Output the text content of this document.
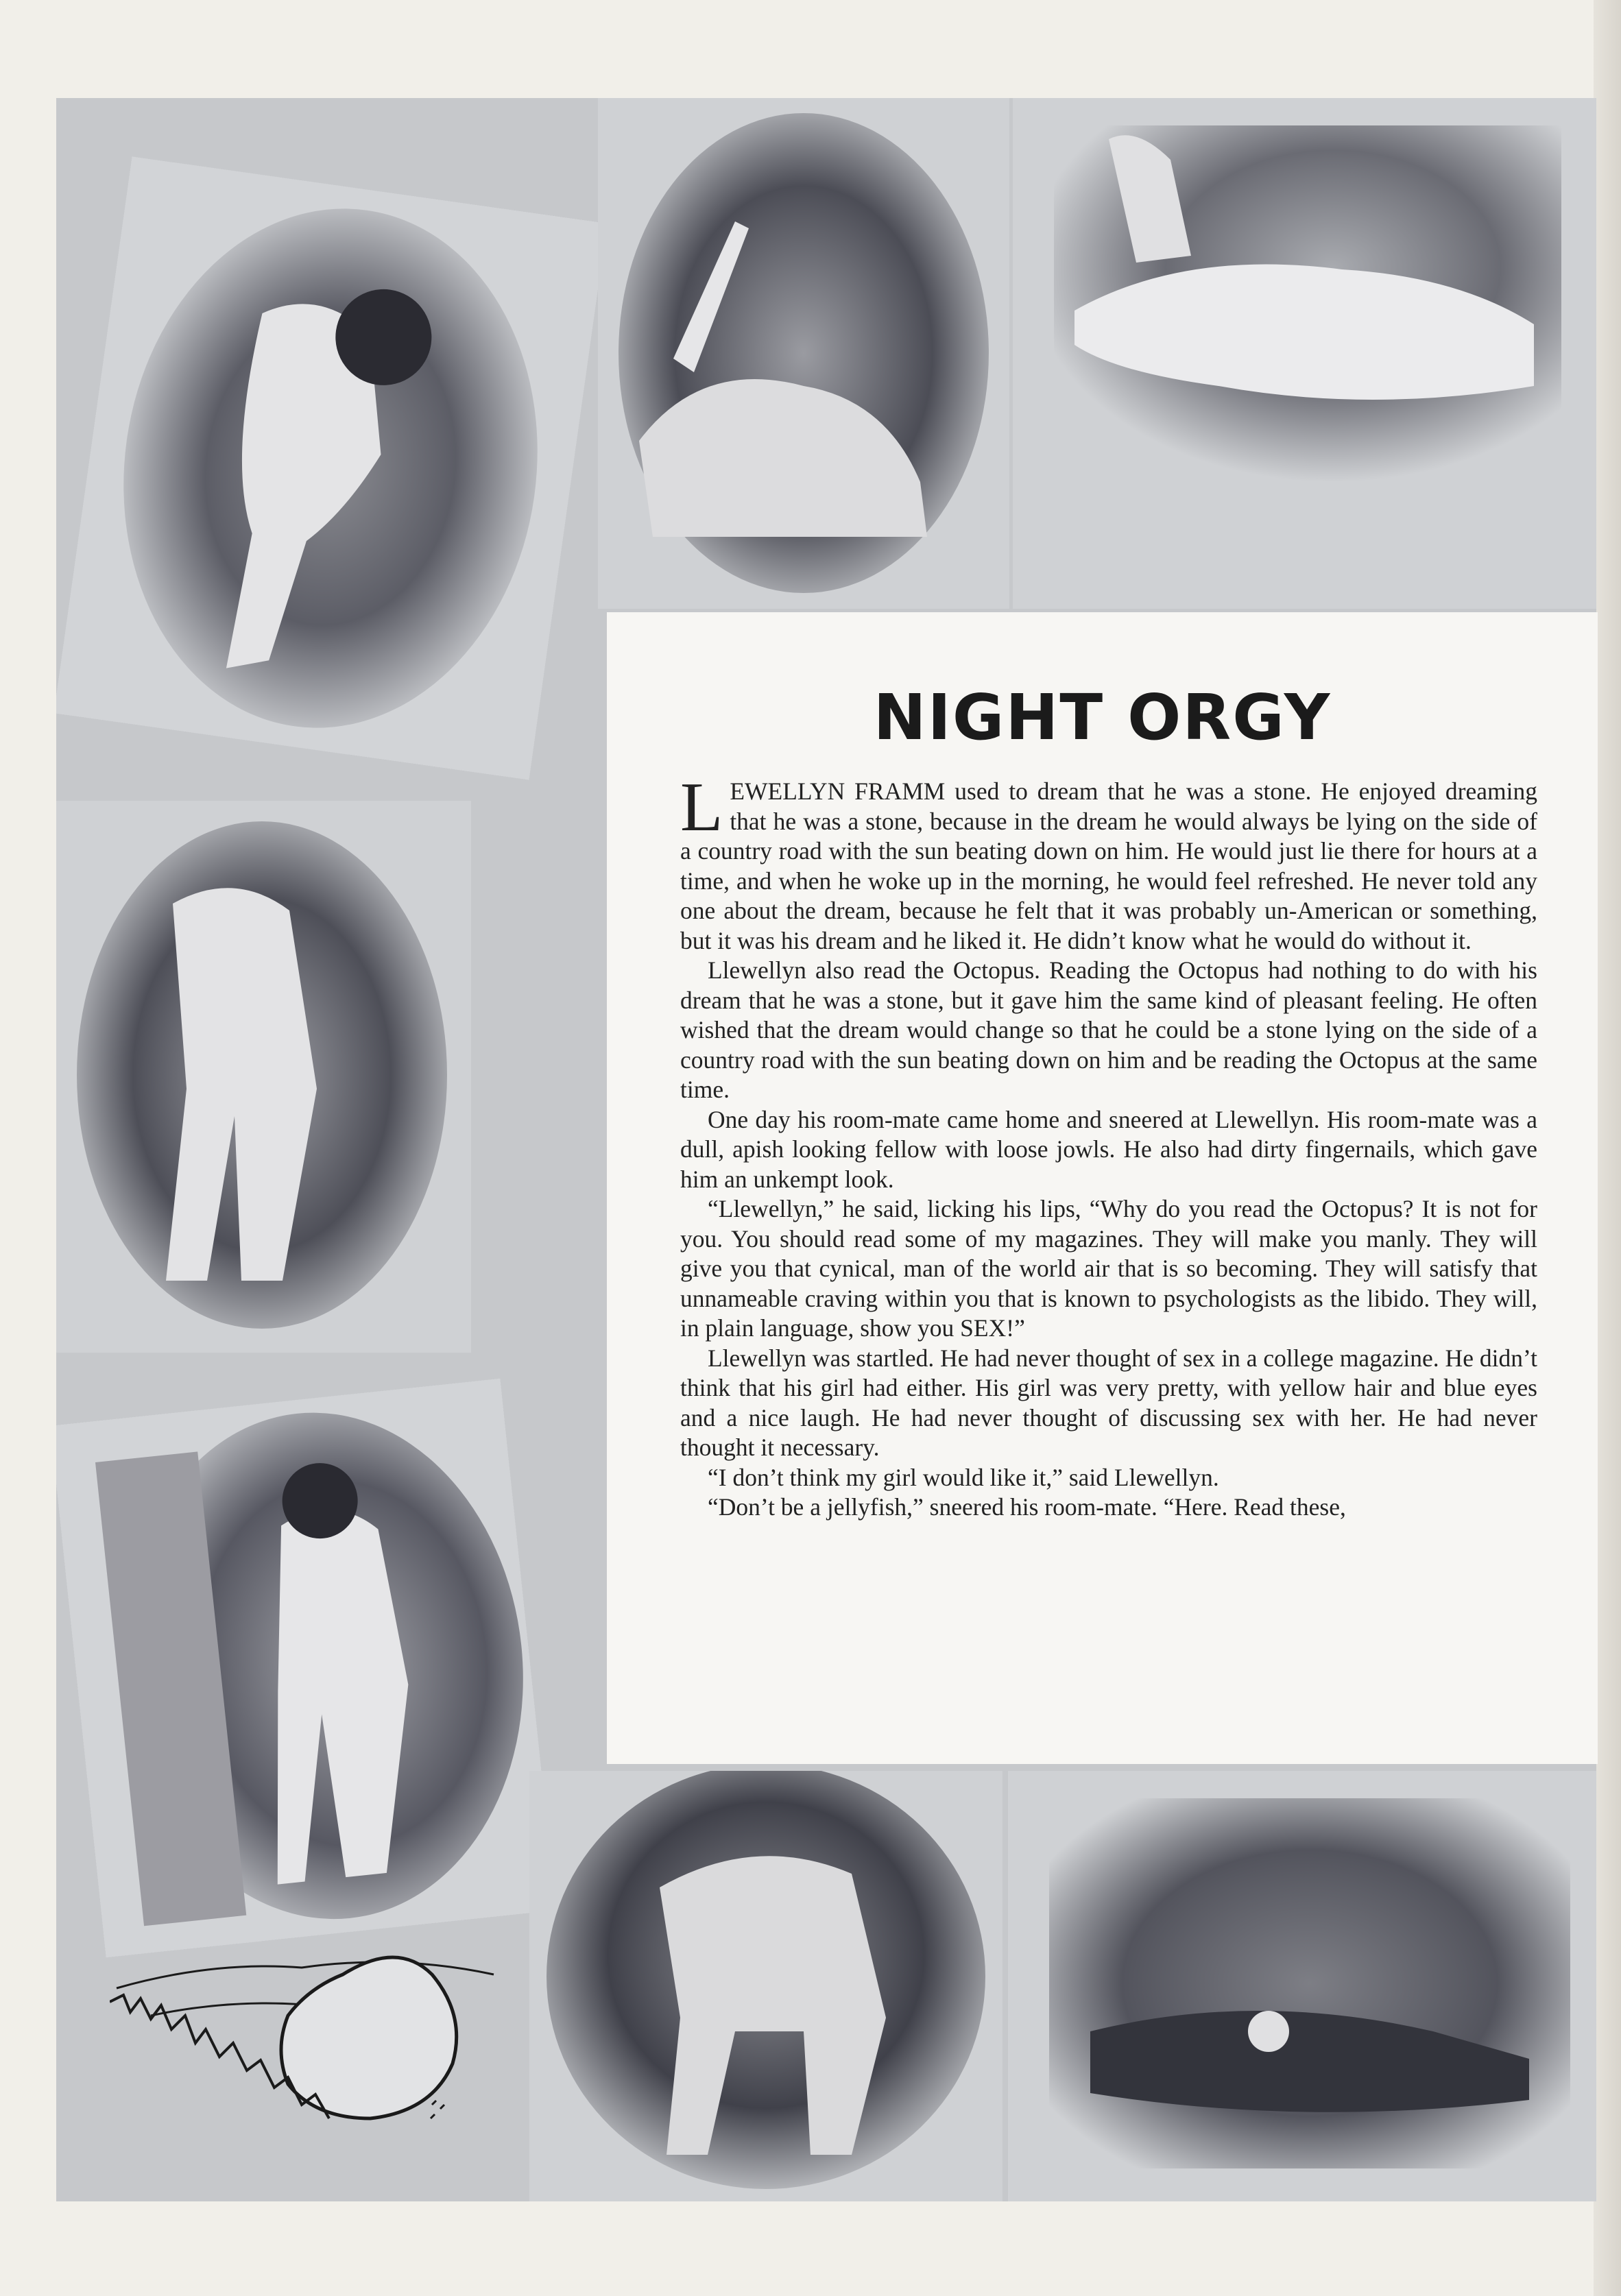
NIGHT ORGY

LEWELLYN FRAMM used to dream that he was a stone. He enjoyed dreaming that he was a stone, because in the dream he would always be lying on the side of a country road with the sun beating down on him. He would just lie there for hours at a time, and when he woke up in the morning, he would feel refreshed. He never told any one about the dream, because he felt that it was probably un-American or something, but it was his dream and he liked it. He didn’t know what he would do without it.

Llewellyn also read the Octopus. Reading the Octopus had nothing to do with his dream that he was a stone, but it gave him the same kind of pleasant feeling. He often wished that the dream would change so that he could be a stone lying on the side of a country road with the sun beating down on him and be reading the Octopus at the same time.

One day his room-mate came home and sneered at Llewellyn. His room-mate was a dull, apish looking fellow with loose jowls. He also had dirty fingernails, which gave him an unkempt look.

“Llewellyn,” he said, licking his lips, “Why do you read the Octopus? It is not for you. You should read some of my magazines. They will make you manly. They will give you that cynical, man of the world air that is so becoming. They will satisfy that unnameable craving within you that is known to psychologists as the libido. They will, in plain language, show you SEX!”

Llewellyn was startled. He had never thought of sex in a college magazine. He didn’t think that his girl had either. His girl was very pretty, with yellow hair and blue eyes and a nice laugh. He had never thought of discussing sex with her. He had never thought it necessary.

“I don’t think my girl would like it,” said Llewellyn.

“Don’t be a jellyfish,” sneered his room-mate. “Here. Read these,
